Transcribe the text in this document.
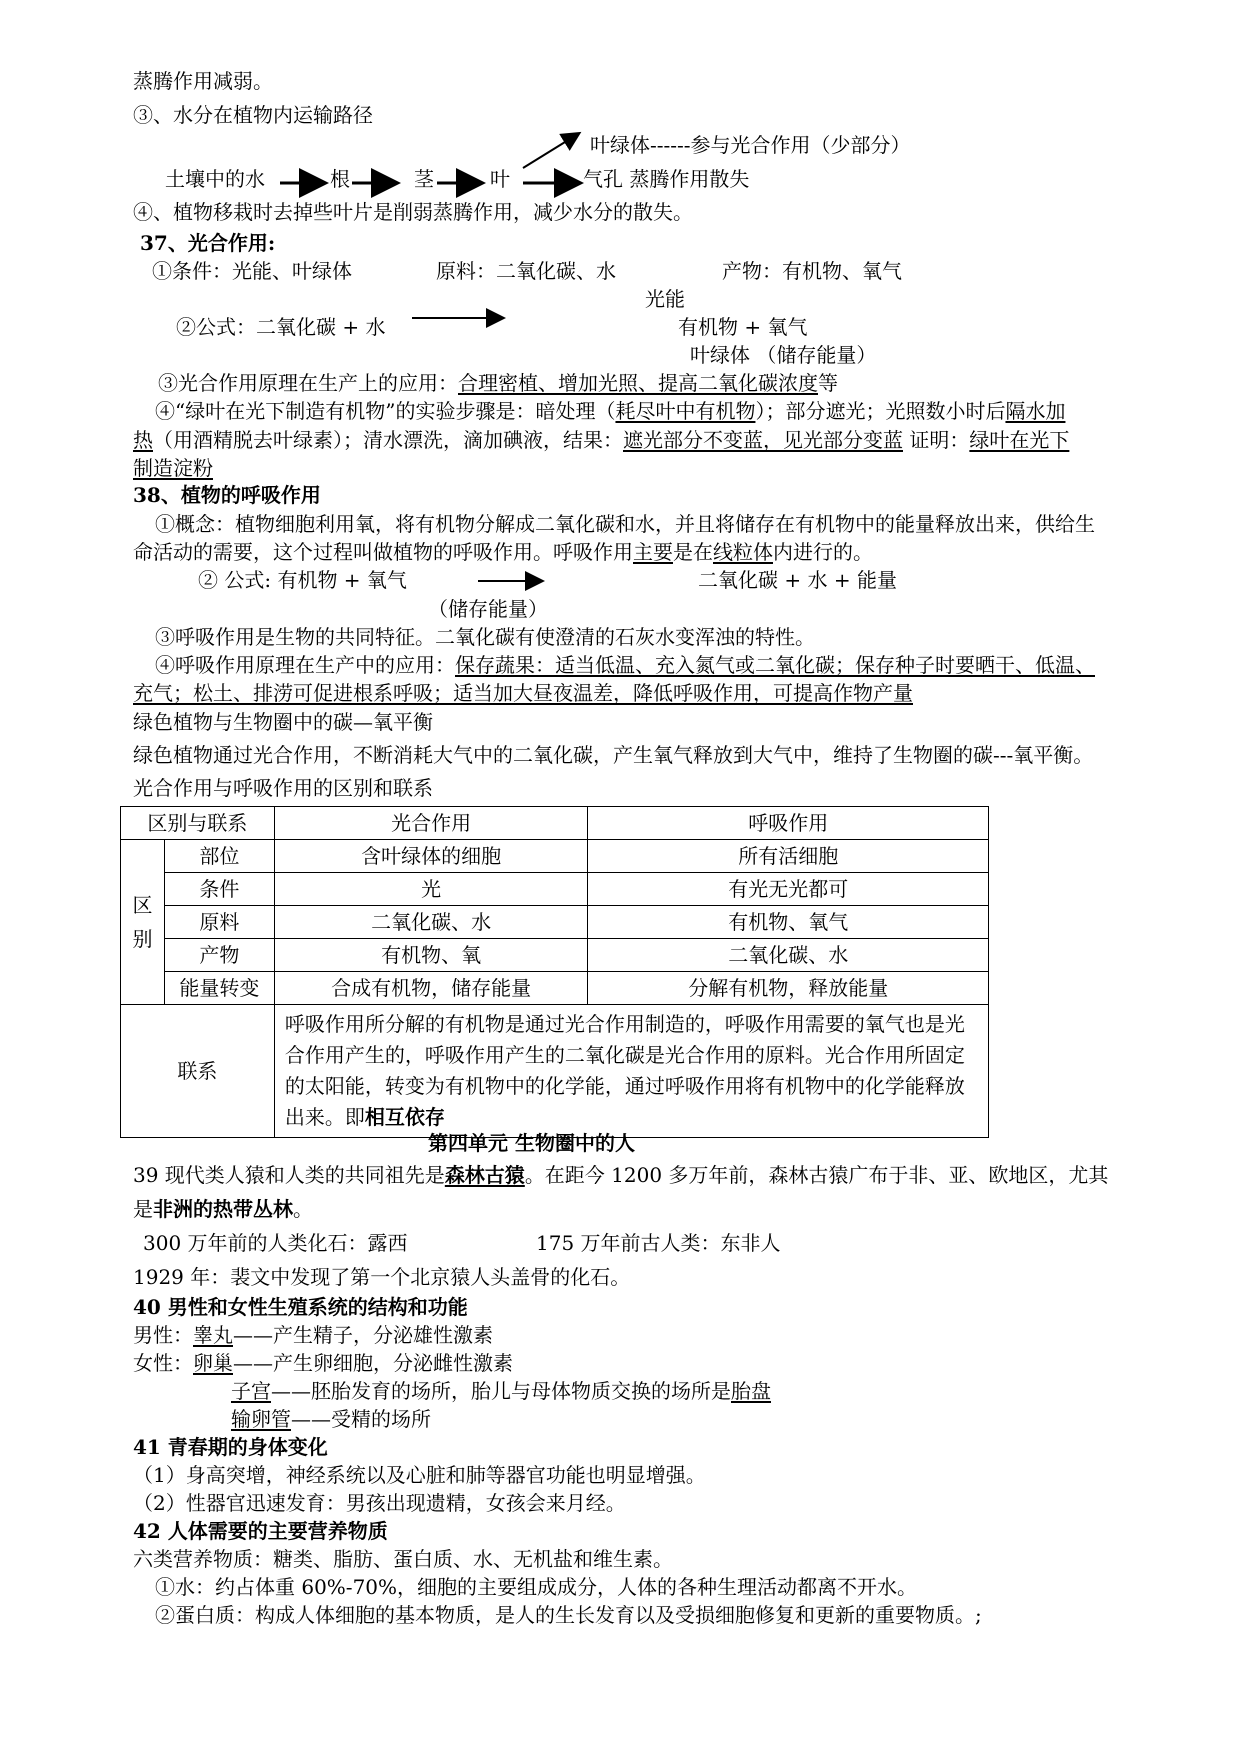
蒸腾作用减弱。
③、水分在植物内运输路径
叶绿体------参与光合作用（少部分）
土壤中的水	根	茎	叶	气孔 蒸腾作用散失
④、植物移栽时去掉些叶片是削弱蒸腾作用，减少水分的散失。
37、光合作用:
①条件：光能、叶绿体	原料：二氧化碳、水	产物：有机物、氧气
光能
②公式：二氧化碳 + 水	有机物 + 氧气
叶绿体 （储存能量）
③光合作用原理在生产上的应用：合理密植、增加光照、提高二氧化碳浓度等
④“绿叶在光下制造有机物”的实验步骤是：暗处理（耗尽叶中有机物）；部分遮光；光照数小时后隔水加
热（用酒精脱去叶绿素）；清水漂洗，滴加碘液，结果：遮光部分不变蓝，见光部分变蓝 证明：绿叶在光下
制造淀粉
38、植物的呼吸作用
①概念：植物细胞利用氧，将有机物分解成二氧化碳和水，并且将储存在有机物中的能量释放出来，供给生
命活动的需要，这个过程叫做植物的呼吸作用。呼吸作用主要是在线粒体内进行的。
② 公式: 有机物 + 氧气	二氧化碳 + 水 + 能量
（储存能量）
③呼吸作用是生物的共同特征。二氧化碳有使澄清的石灰水变浑浊的特性。
④呼吸作用原理在生产中的应用：保存蔬果：适当低温、充入氮气或二氧化碳；保存种子时要晒干、低温、
充气；松土、排涝可促进根系呼吸；适当加大昼夜温差，降低呼吸作用，可提高作物产量
绿色植物与生物圈中的碳—氧平衡
绿色植物通过光合作用，不断消耗大气中的二氧化碳，产生氧气释放到大气中，维持了生物圈的碳---氧平衡。
光合作用与呼吸作用的区别和联系
区别与联系		光合作用	呼吸作用
区
别	部位	含叶绿体的细胞	所有活细胞
	条件	光	有光无光都可
	原料	二氧化碳、水	有机物、氧气
	产物	有机物、氧	二氧化碳、水
	能量转变	合成有机物，储存能量	分解有机物，释放能量
联系		呼吸作用所分解的有机物是通过光合作用制造的，呼吸作用需要的氧气也是光合作用产生的，呼吸作用产生的二氧化碳是光合作用的原料。光合作用所固定的太阳能，转变为有机物中的化学能，通过呼吸作用将有机物中的化学能释放出来。即相互依存	
第四单元 生物圈中的人
39 现代类人猿和人类的共同祖先是森林古猿。在距今 1200 多万年前，森林古猿广布于非、亚、欧地区，尤其
是非洲的热带丛林。
300 万年前的人类化石：露西	175 万年前古人类：东非人
1929 年：裴文中发现了第一个北京猿人头盖骨的化石。
40 男性和女性生殖系统的结构和功能
男性：睾丸——产生精子，分泌雄性激素
女性：卵巢——产生卵细胞，分泌雌性激素
子宫——胚胎发育的场所，胎儿与母体物质交换的场所是胎盘
输卵管——受精的场所
41 青春期的身体变化
（1）身高突增，神经系统以及心脏和肺等器官功能也明显增强。
（2）性器官迅速发育：男孩出现遗精，女孩会来月经。
42 人体需要的主要营养物质
六类营养物质：糖类、脂肪、蛋白质、水、无机盐和维生素。
①水：约占体重 60%-70%，细胞的主要组成成分，人体的各种生理活动都离不开水。
②蛋白质：构成人体细胞的基本物质，是人的生长发育以及受损细胞修复和更新的重要物质。;
